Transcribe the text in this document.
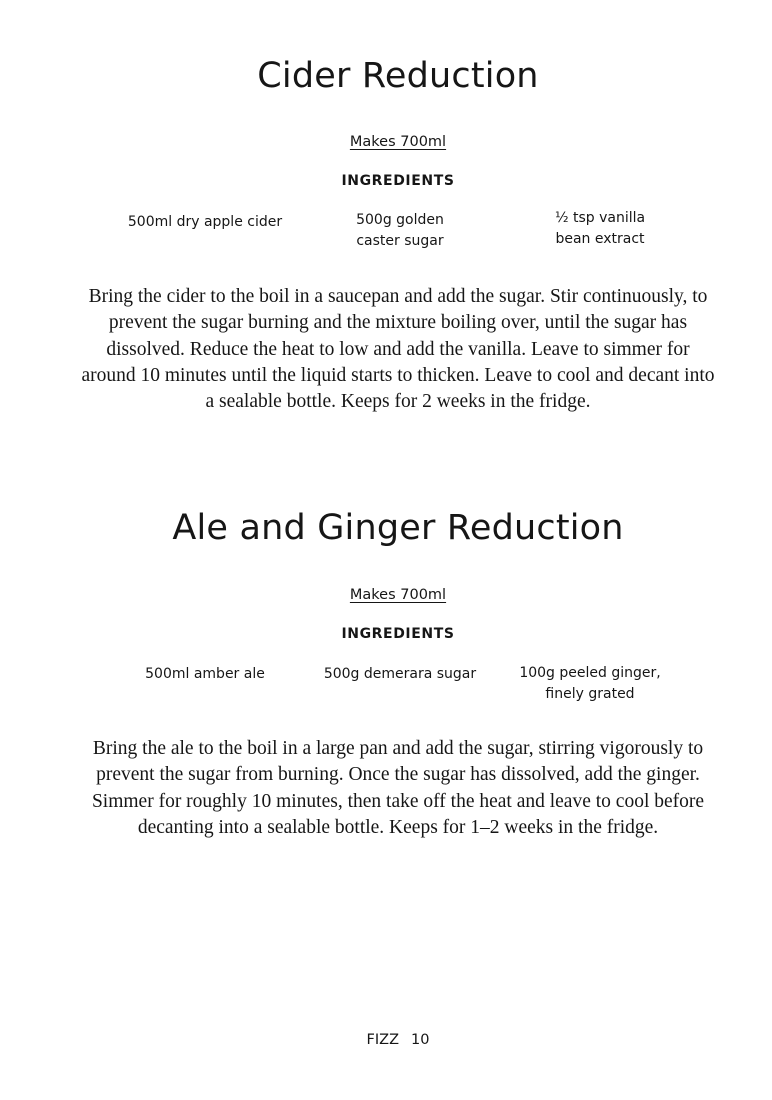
Cider Reduction
Makes 700ml
INGREDIENTS
500ml dry apple cider	500g golden
caster sugar
½ tsp vanilla
bean extract

Bring the cider to the boil in a saucepan and add the sugar. Stir continuously, to prevent the sugar burning and the mixture boiling over, until the sugar has dissolved. Reduce the heat to low and add the vanilla. Leave to simmer for around 10 minutes until the liquid starts to thicken. Leave to cool and decant into a sealable bottle. Keeps for 2 weeks in the fridge.

Ale and Ginger Reduction
Makes 700ml
INGREDIENTS
500ml amber ale	500g demerara sugar	100g peeled ginger,
finely grated

Bring the ale to the boil in a large pan and add the sugar, stirring vigorously to prevent the sugar from burning. Once the sugar has dissolved, add the ginger. Simmer for roughly 10 minutes, then take off the heat and leave to cool before decanting into a sealable bottle. Keeps for 1–2 weeks in the fridge.

FIZZ 10
